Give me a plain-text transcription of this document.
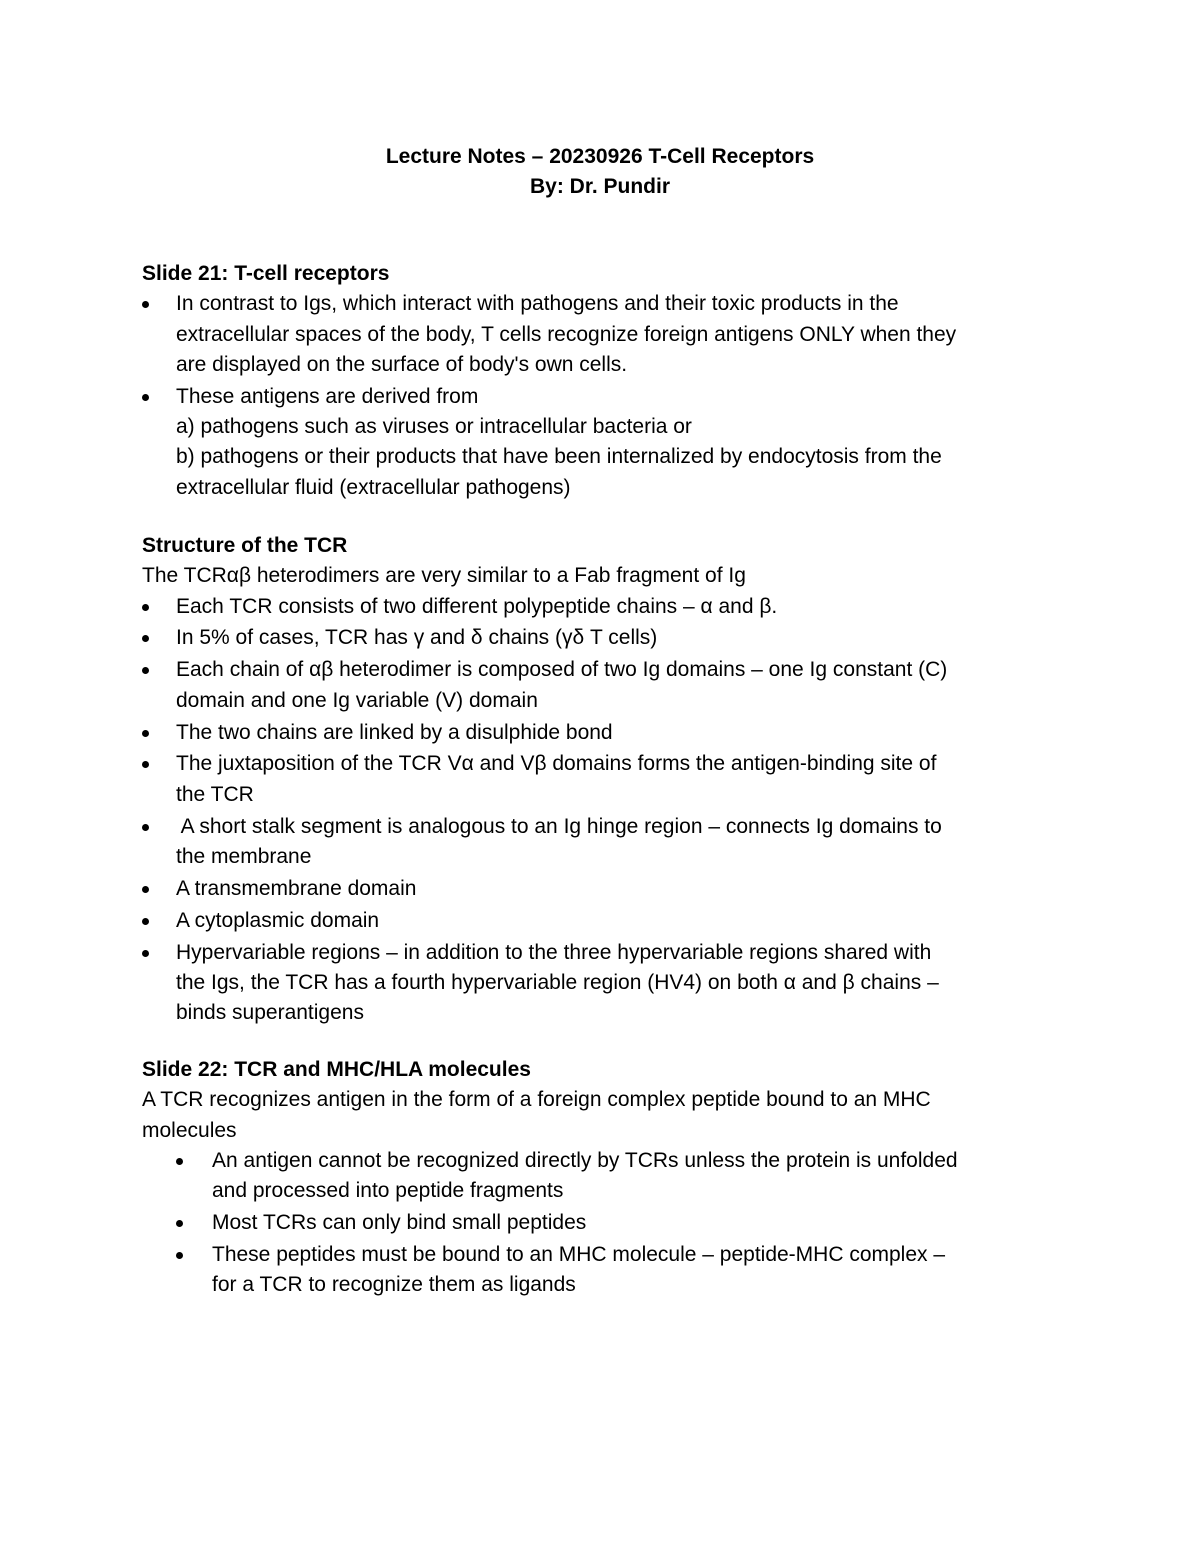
Lecture Notes – 20230926 T-Cell Receptors
By: Dr. Pundir
Slide 21: T-cell receptors
In contrast to Igs, which interact with pathogens and their toxic products in the
extracellular spaces of the body, T cells recognize foreign antigens ONLY when they
are displayed on the surface of body's own cells.
These antigens are derived from
a) pathogens such as viruses or intracellular bacteria or
b) pathogens or their products that have been internalized by endocytosis from the
extracellular fluid (extracellular pathogens)
Structure of the TCR
The TCRαβ heterodimers are very similar to a Fab fragment of Ig
Each TCR consists of two different polypeptide chains – α and β.
In 5% of cases, TCR has γ and δ chains (γδ T cells)
Each chain of αβ heterodimer is composed of two Ig domains – one Ig constant (C)
domain and one Ig variable (V) domain
The two chains are linked by a disulphide bond
The juxtaposition of the TCR Vα and Vβ domains forms the antigen-binding site of
the TCR
A short stalk segment is analogous to an Ig hinge region – connects Ig domains to
the membrane
A transmembrane domain
A cytoplasmic domain
Hypervariable regions – in addition to the three hypervariable regions shared with
the Igs, the TCR has a fourth hypervariable region (HV4) on both α and β chains –
binds superantigens
Slide 22: TCR and MHC/HLA molecules
A TCR recognizes antigen in the form of a foreign complex peptide bound to an MHC
molecules
An antigen cannot be recognized directly by TCRs unless the protein is unfolded
and processed into peptide fragments
Most TCRs can only bind small peptides
These peptides must be bound to an MHC molecule – peptide-MHC complex –
for a TCR to recognize them as ligands
